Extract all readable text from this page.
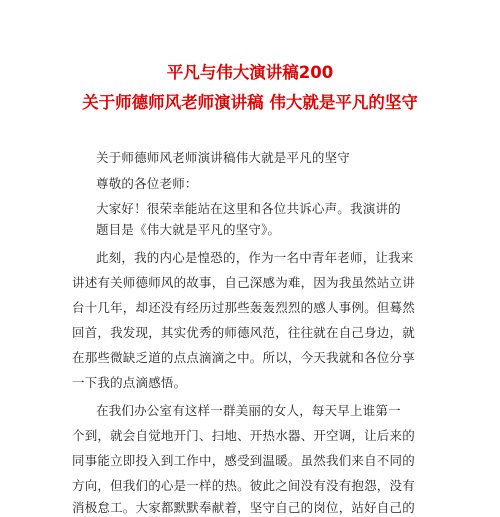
平凡与伟大演讲稿200
关于师德师风老师演讲稿 伟大就是平凡的坚守
关于师德师风老师演讲稿伟大就是平凡的坚守
尊敬的各位老师：
大家好！很荣幸能站在这里和各位共诉心声。我演讲的
题目是《伟大就是平凡的坚守》。
此刻，我的内心是惶恐的，作为一名中青年老师，让我来
讲述有关师德师风的故事，自己深感为难，因为我虽然站立讲
台十几年，却还没有经历过那些轰轰烈烈的感人事例。但蓦然
回首，我发现，其实优秀的师德风范，往往就在自己身边，就
在那些微缺乏道的点点滴滴之中。所以，今天我就和各位分享
一下我的点滴感悟。
在我们办公室有这样一群美丽的女人，每天早上谁第一
个到，就会自觉地开门、扫地、开热水器、开空调，让后来的
同事能立即投入到工作中，感受到温暖。虽然我们来自不同的
方向，但我们的心是一样的热。彼此之间没有没有抱怨，没有
消极怠工。大家都默默奉献着，坚守自己的岗位，站好自己的
